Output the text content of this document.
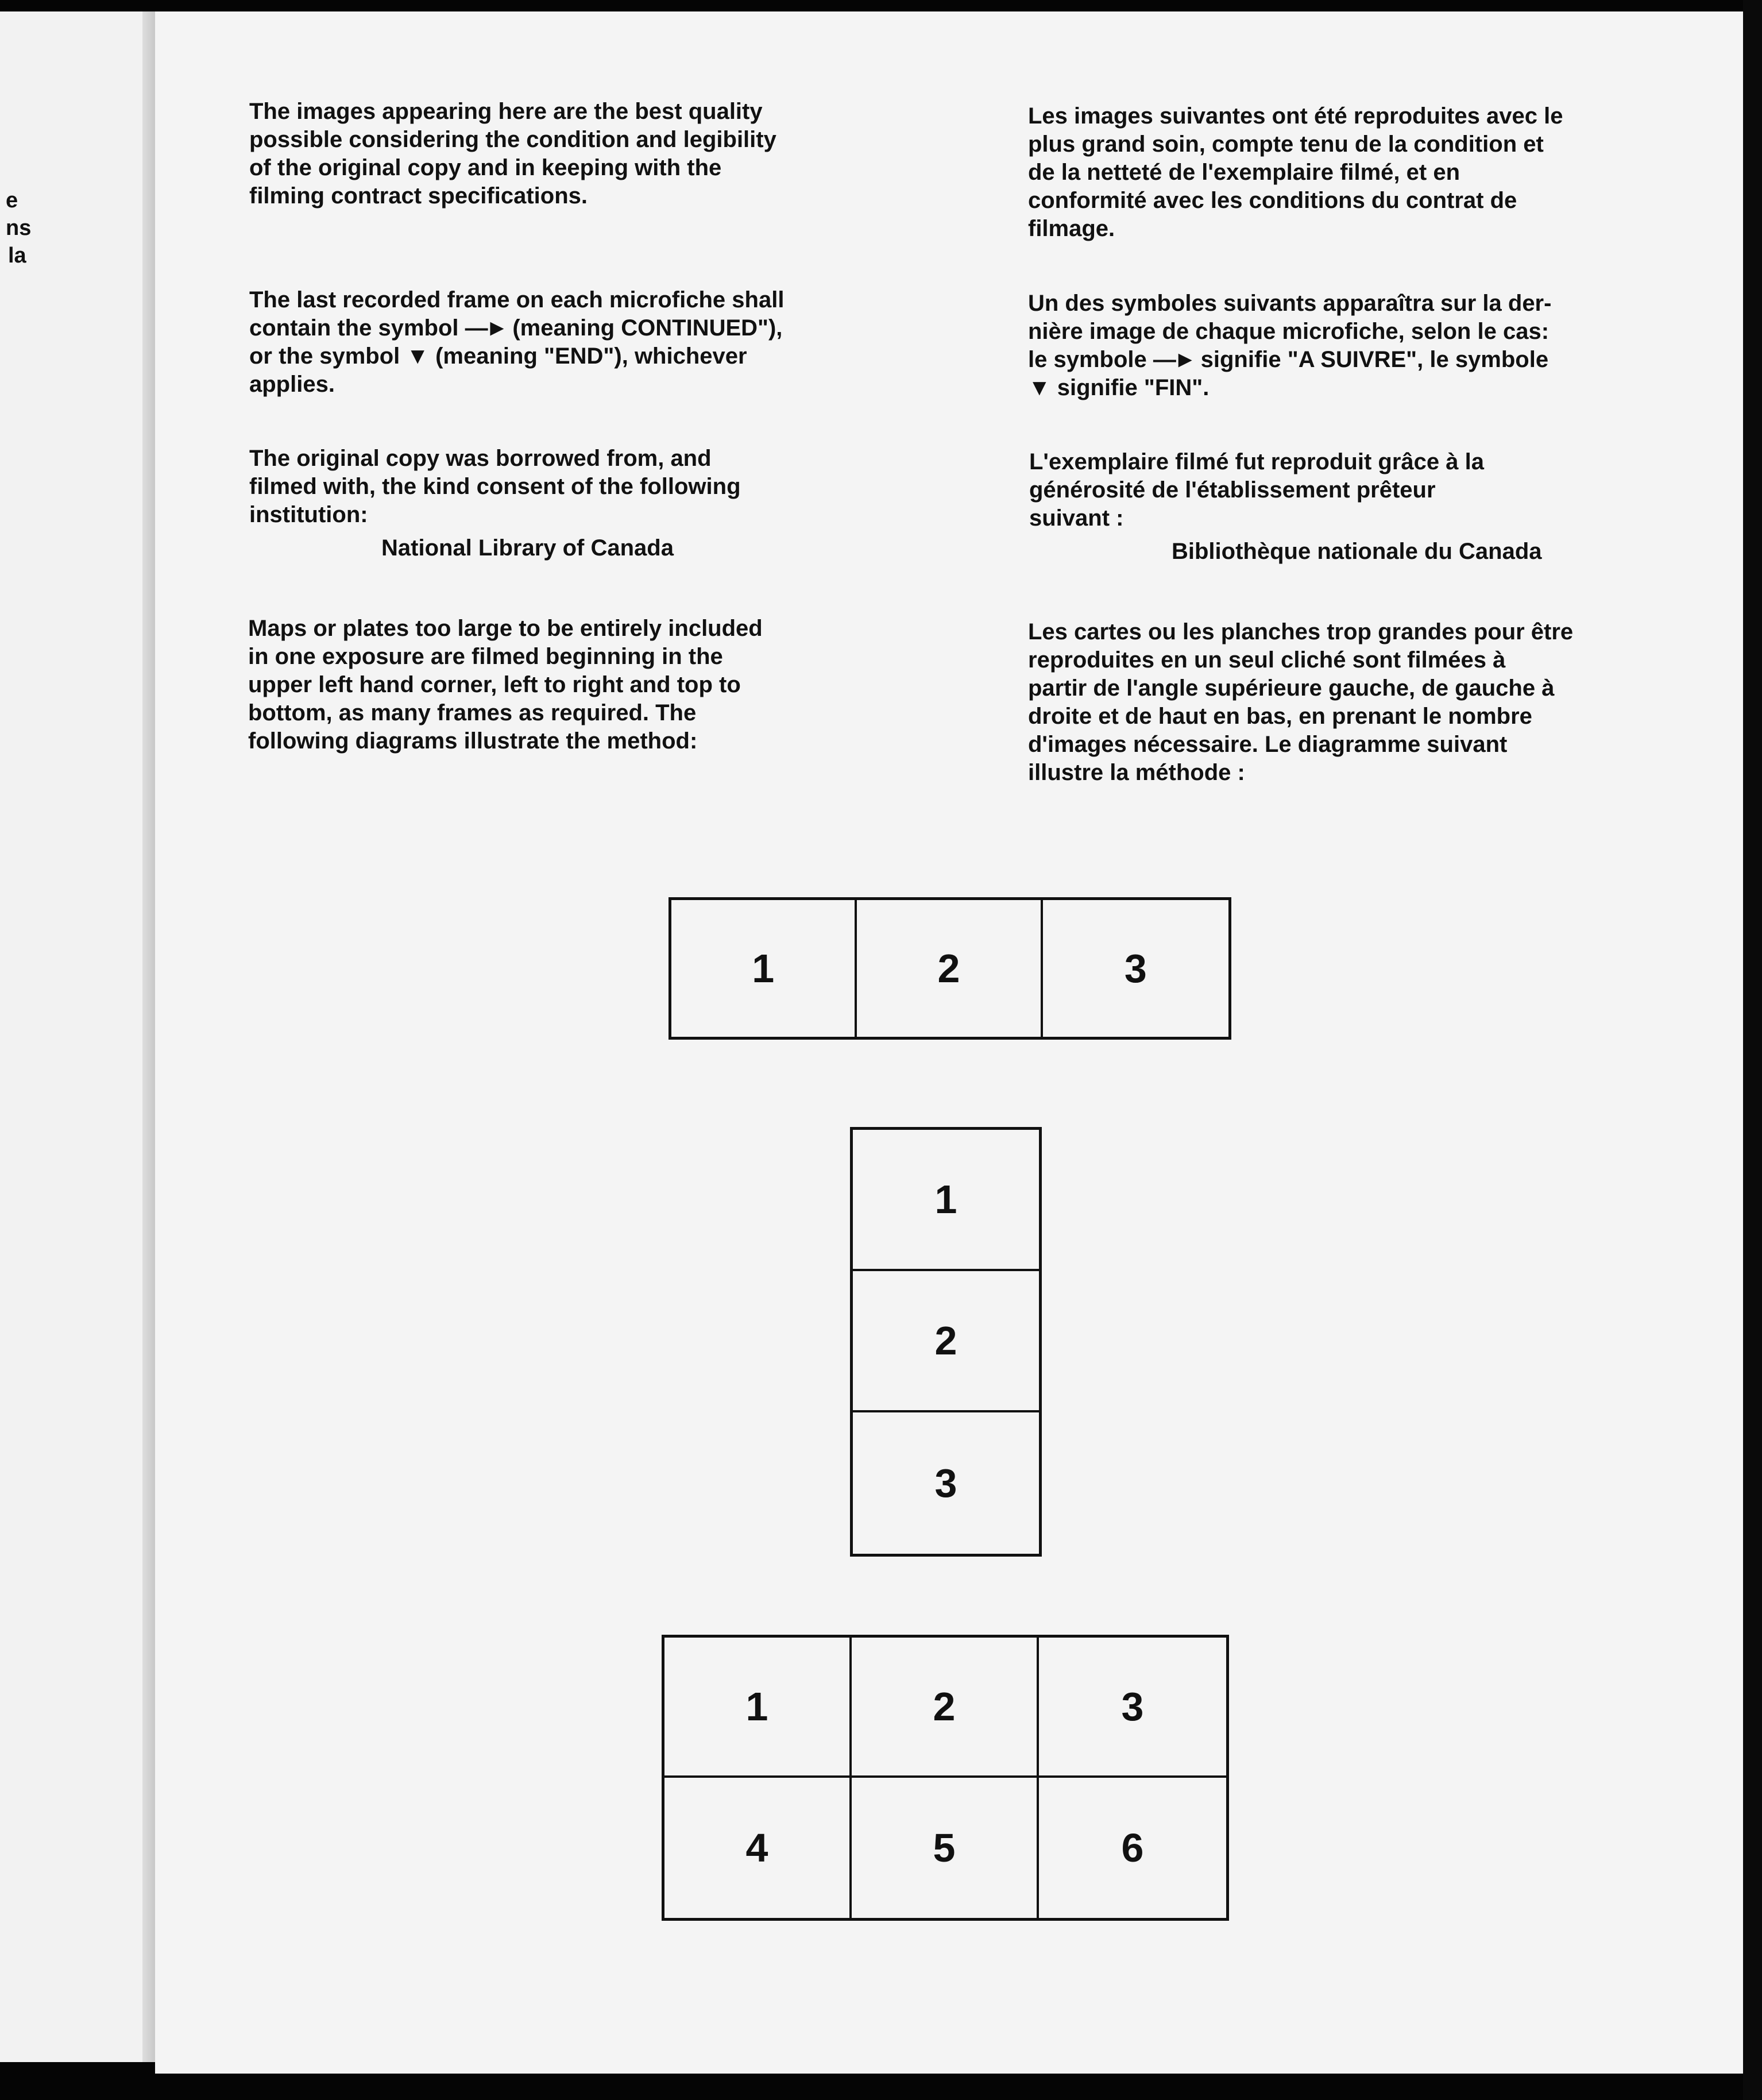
e

ns

la

The images appearing here are the best quality
possible considering the condition and legibility
of the original copy and in keeping with the
filming contract specifications.
The last recorded frame on each microfiche shall
contain the symbol —► (meaning CONTINUED"),
or the symbol ▼ (meaning "END"), whichever
applies.
The original copy was borrowed from, and
filmed with, the kind consent of the following
institution:

National Library of Canada

Maps or plates too large to be entirely included
in one exposure are filmed beginning in the
upper left hand corner, left to right and top to
bottom, as many frames as required. The
following diagrams illustrate the method:
Les images suivantes ont été reproduites avec le
plus grand soin, compte tenu de la condition et
de la netteté de l'exemplaire filmé, et en
conformité avec les conditions du contrat de
filmage.
Un des symboles suivants apparaîtra sur la der-
nière image de chaque microfiche, selon le cas:
le symbole —► signifie "A SUIVRE", le symbole
▼ signifie "FIN".
L'exemplaire filmé fut reproduit grâce à la
générosité de l'établissement prêteur
suivant :

Bibliothèque nationale du Canada

Les cartes ou les planches trop grandes pour être
reproduites en un seul cliché sont filmées à
partir de l'angle supérieure gauche, de gauche à
droite et de haut en bas, en prenant le nombre
d'images nécessaire. Le diagramme suivant
illustre la méthode :
1	2	3
1
2
3
1	2	3
4	5	6
